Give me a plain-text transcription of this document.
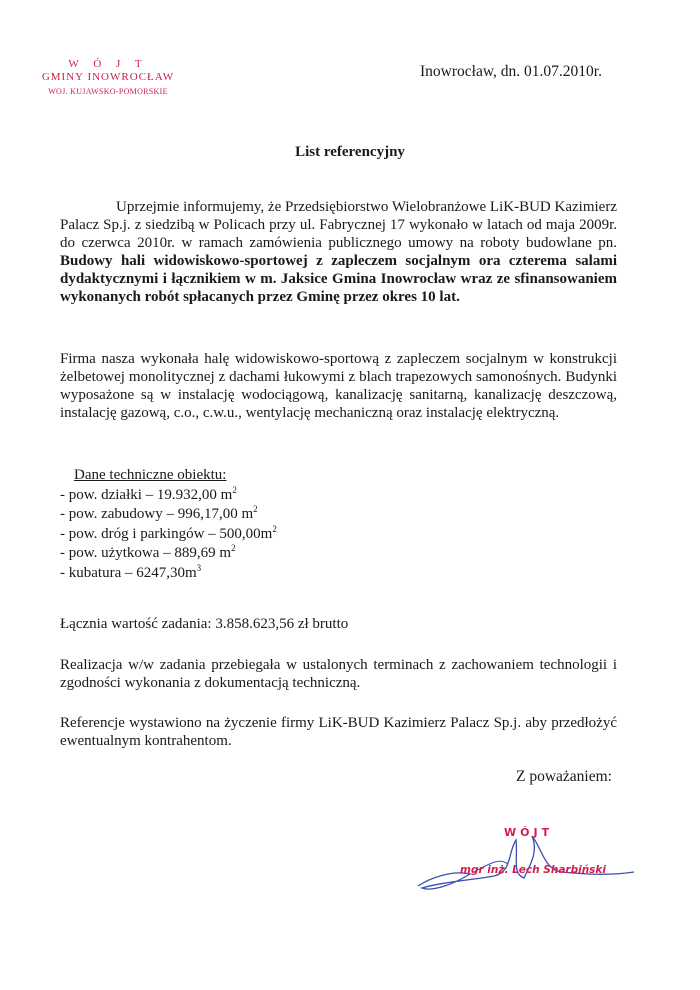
W Ó J T
GMINY INOWROCŁAW
WOJ. KUJAWSKO-POMORSKIE
Inowrocław, dn. 01.07.2010r.
List referencyjny
Uprzejmie informujemy, że Przedsiębiorstwo Wielobranżowe LiK-BUD Kazimierz Palacz Sp.j. z siedzibą w Policach przy ul. Fabrycznej 17 wykonało w latach od maja 2009r. do czerwca 2010r. w ramach zamówienia publicznego umowy na roboty budowlane pn. Budowy hali widowiskowo-sportowej z zapleczem socjalnym ora czterema salami dydaktycznymi i łącznikiem w m. Jaksice Gmina Inowrocław wraz ze sfinansowaniem wykonanych robót spłacanych przez Gminę przez okres 10 lat.
Firma nasza wykonała halę widowiskowo-sportową z zapleczem socjalnym w konstrukcji żelbetowej monolitycznej z dachami łukowymi z blach trapezowych samonośnych. Budynki wyposażone są w instalację wodociągową, kanalizację sanitarną, kanalizację deszczową, instalację gazową, c.o., c.w.u., wentylację mechaniczną oraz instalację elektryczną.
Dane techniczne obiektu:
- pow. działki – 19.932,00 $m^2$
- pow. zabudowy – 996,17,00 $m^2$
- pow. dróg i parkingów – $500,00m^2$
- pow. użytkowa – 889,69 $m^2$
- kubatura – $6247,30m^3$
Łącznia wartość zadania: 3.858.623,56 zł brutto
Realizacja w/w zadania przebiegała w ustalonych terminach z zachowaniem technologii i zgodności wykonania z dokumentacją techniczną.
Referencje wystawiono na życzenie firmy LiK-BUD Kazimierz Palacz Sp.j. aby przedłożyć ewentualnym kontrahentom.
Z poważaniem:
WÓJT
mgr inż. Lech Sharbiński
